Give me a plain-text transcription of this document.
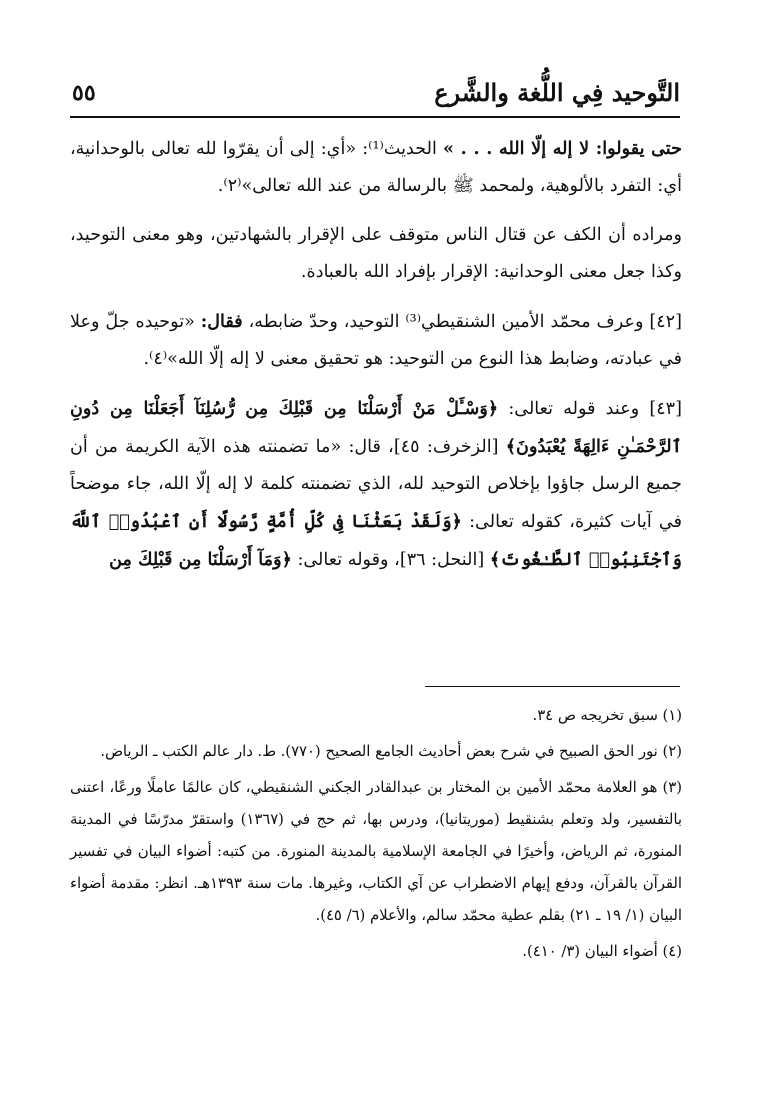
التَّوحيد فِي اللُّغة والشَّرع
٥٥

حتى يقولوا: لا إله إلّا الله . . . » الحديث⁽¹⁾: «أي: إلى أن يقرّوا لله تعالى بالوحدانية، أي: التفرد بالألوهية، ولمحمد ﷺ بالرسالة من عند الله تعالى»⁽٢⁾.

ومراده أن الكف عن قتال الناس متوقف على الإقرار بالشهادتين، وهو معنى التوحيد، وكذا جعل معنى الوحدانية: الإقرار بإفراد الله بالعبادة.

[٤٢] وعرف محمّد الأمين الشنقيطي⁽³⁾ التوحيد، وحدّ ضابطه، فقال: «توحيده جلّ وعلا في عبادته، وضابط هذا النوع من التوحيد: هو تحقيق معنى لا إله إلّا الله»⁽٤⁾.

[٤٣] وعند قوله تعالى: ﴿وَسْـَٔلْ مَنْ أَرْسَلْنَا مِن قَبْلِكَ مِن رُّسُلِنَآ أَجَعَلْنَا مِن دُونِ ٱلرَّحْمَـٰنِ ءَالِهَةً يُعْبَدُونَ﴾ [الزخرف: ٤٥]، قال: «ما تضمنته هذه الآية الكريمة من أن جميع الرسل جاؤوا بإخلاص التوحيد لله، الذي تضمنته كلمة لا إله إلّا الله، جاء موضحاً في آيات كثيرة، كقوله تعالى: ﴿وَلَقَدْ بَعَثْنَا فِى كُلِّ أُمَّةٍ رَّسُولًا أَنِ ٱعْبُدُوا۟ ٱللَّهَ وَٱجْتَنِبُوا۟ ٱلطَّـٰغُوتَ﴾ [النحل: ٣٦]، وقوله تعالى: ﴿وَمَآ أَرْسَلْنَا مِن قَبْلِكَ مِن

(١) سبق تخريجه ص ٣٤.

(٢) نور الحق الصبيح في شرح بعض أحاديث الجامع الصحيح (٧٧٠). ط. دار عالم الكتب ـ الرياض.

(٣) هو العلامة محمّد الأمين بن المختار بن عبدالقادر الجكني الشنقيطي، كان عالمًا عاملًا ورعًا، اعتنى بالتفسير، ولد وتعلم بشنقيط (موريتانيا)، ودرس بها، ثم حج في (١٣٦٧) واستقرّ مدرّسًا في المدينة المنورة، ثم الرياض، وأخيرًا في الجامعة الإسلامية بالمدينة المنورة. من كتبه: أضواء البيان في تفسير القرآن بالقرآن، ودفع إيهام الاضطراب عن آي الكتاب، وغيرها. مات سنة ١٣٩٣هـ. انظر: مقدمة أضواء البيان (١/ ١٩ ـ ٢١) بقلم عطية محمّد سالم، والأعلام (٦/ ٤٥).

(٤) أضواء البيان (٣/ ٤١٠).
